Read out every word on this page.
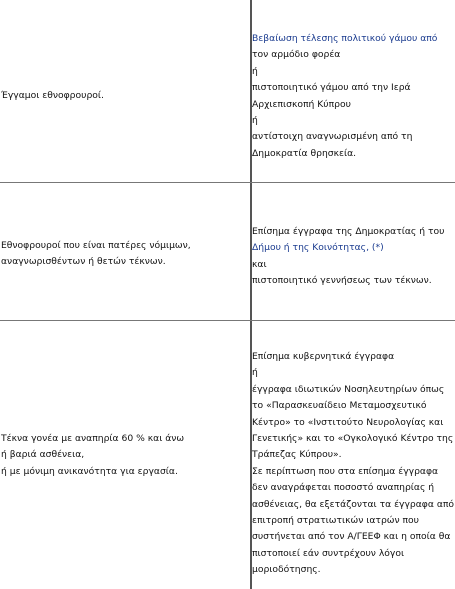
Έγγαμοι εθνοφρουροί.
Βεβαίωση τέλεσης πολιτικού γάμου από
τον αρμόδιο φορέα
ή
πιστοποιητικό γάμου από την Ιερά
Αρχιεπισκοπή Κύπρου
ή
αντίστοιχη αναγνωρισμένη από τη
Δημοκρατία θρησκεία.
Εθνοφρουροί που είναι πατέρες νόμιμων,
αναγνωρισθέντων ή θετών τέκνων.
Επίσημα έγγραφα της Δημοκρατίας ή του
Δήμου ή της Κοινότητας, (*)
και
πιστοποιητικό γεννήσεως των τέκνων.
Τέκνα γονέα με αναπηρία 60 % και άνω
ή βαριά ασθένεια,
ή με μόνιμη ανικανότητα για εργασία.
Επίσημα κυβερνητικά έγγραφα
ή
έγγραφα ιδιωτικών Νοσηλευτηρίων όπως
το «Παρασκευαίδειο Μεταμοσχευτικό
Κέντρο» το «Ινστιτούτο Νευρολογίας και
Γενετικής» και το «Ογκολογικό Κέντρο της
Τράπεζας Κύπρου».
Σε περίπτωση που στα επίσημα έγγραφα
δεν αναγράφεται ποσοστό αναπηρίας ή
ασθένειας, θα εξετάζονται τα έγγραφα από
επιτροπή στρατιωτικών ιατρών που
συστήνεται από τον Α/ΓΕΕΦ και η οποία θα
πιστοποιεί εάν συντρέχουν λόγοι
μοριοδότησης.
